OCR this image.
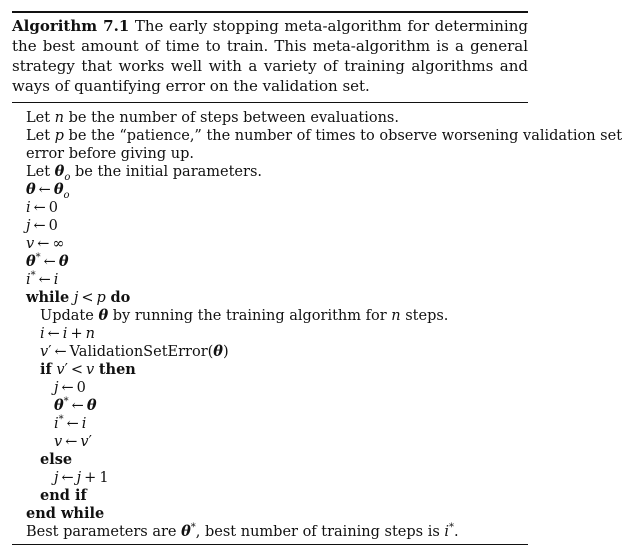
Algorithm 7.1 The early stopping meta-algorithm for determining the best amount of time to train. This meta-algorithm is a general strategy that works well with a variety of training algorithms and ways of quantifying error on the validation set.
Let n be the number of steps between evaluations.
Let p be the “patience,” the number of times to observe worsening validation set
error before giving up.
Let $\theta_o$ be the initial parameters.
θ ← $\theta_o$
i ← 0
j ← 0
v ← ∞
θ* ← θ
i* ← i
while j < p do
Update θ by running the training algorithm for n steps.
i ← i + n
v′ ← ValidationSetError(θ)
if v′ < v then
j ← 0
θ* ← θ
i* ← i
v ← v′
else
j ← j + 1
end if
end while
Best parameters are θ*, best number of training steps is i*.
